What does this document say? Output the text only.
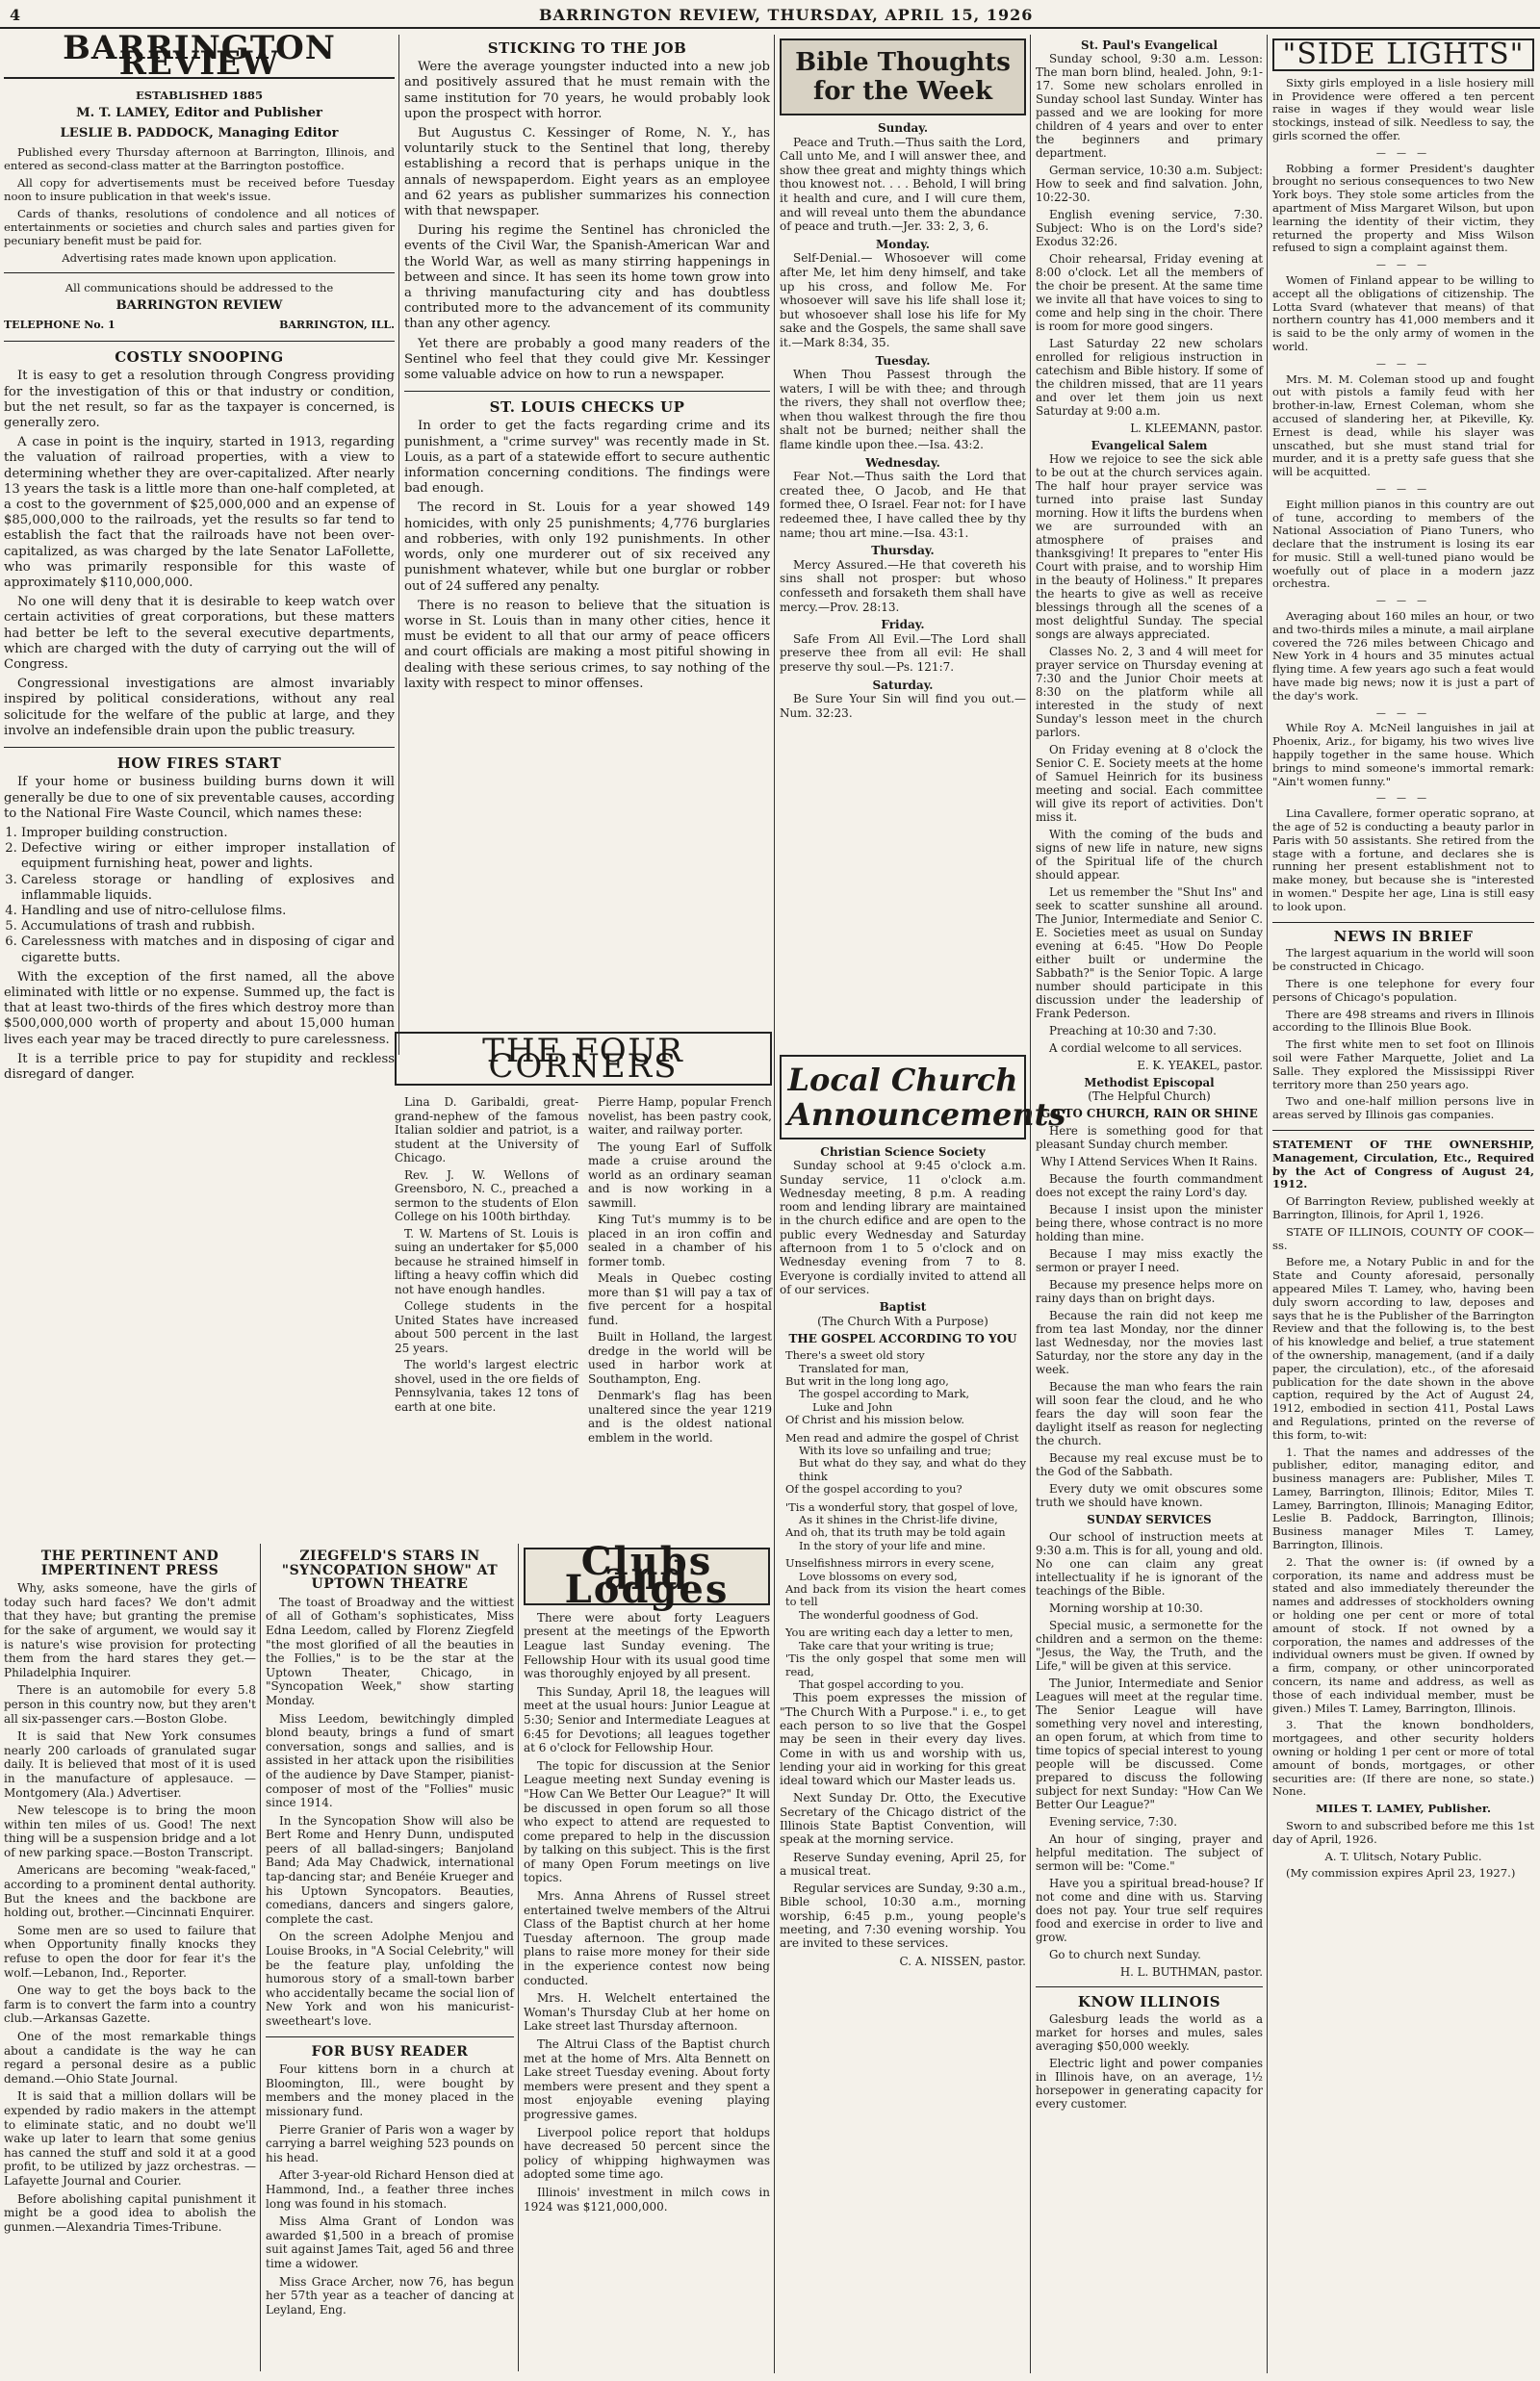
4	BARRINGTON REVIEW, THURSDAY, APRIL 15, 1926
BARRINGTON REVIEW

ESTABLISHED 1885

M. T. LAMEY, Editor and Publisher

LESLIE B. PADDOCK, Managing Editor

Published every Thursday afternoon at Barrington, Illinois, and entered as second-class matter at the Barrington postoffice.

All copy for advertisements must be received before Tuesday noon to insure publication in that week's issue.

Cards of thanks, resolutions of condolence and all notices of entertainments or societies and church sales and parties given for pecuniary benefit must be paid for.

Advertising rates made known upon application.

All communications should be addressed to the

BARRINGTON REVIEW

TELEPHONE No. 1	BARRINGTON, ILL.
COSTLY SNOOPING

It is easy to get a resolution through Congress providing for the investigation of this or that industry or condition, but the net result, so far as the taxpayer is concerned, is generally zero.

A case in point is the inquiry, started in 1913, regarding the valuation of railroad properties, with a view to determining whether they are over-capitalized. After nearly 13 years the task is a little more than one-half completed, at a cost to the government of $25,000,000 and an expense of $85,000,000 to the railroads, yet the results so far tend to establish the fact that the railroads have not been over-capitalized, as was charged by the late Senator LaFollette, who was primarily responsible for this waste of approximately $110,000,000.

No one will deny that it is desirable to keep watch over certain activities of great corporations, but these matters had better be left to the several executive departments, which are charged with the duty of carrying out the will of Congress.

Congressional investigations are almost invariably inspired by political considerations, without any real solicitude for the welfare of the public at large, and they involve an indefensible drain upon the public treasury.

HOW FIRES START

If your home or business building burns down it will generally be due to one of six preventable causes, according to the National Fire Waste Council, which names these:

1. Improper building construction.
2. Defective wiring or either improper installation of equipment furnishing heat, power and lights.
3. Careless storage or handling of explosives and inflammable liquids.
4. Handling and use of nitro-cellulose films.
5. Accumulations of trash and rubbish.
6. Carelessness with matches and in disposing of cigar and cigarette butts.

With the exception of the first named, all the above eliminated with little or no expense. Summed up, the fact is that at least two-thirds of the fires which destroy more than $500,000,000 worth of property and about 15,000 human lives each year may be traced directly to pure carelessness.

It is a terrible price to pay for stupidity and reckless disregard of danger.

STICKING TO THE JOB

Were the average youngster inducted into a new job and positively assured that he must remain with the same institution for 70 years, he would probably look upon the prospect with horror.

But Augustus C. Kessinger of Rome, N. Y., has voluntarily stuck to the Sentinel that long, thereby establishing a record that is perhaps unique in the annals of newspaperdom. Eight years as an employee and 62 years as publisher summarizes his connection with that newspaper.

During his regime the Sentinel has chronicled the events of the Civil War, the Spanish-American War and the World War, as well as many stirring happenings in between and since. It has seen its home town grow into a thriving manufacturing city and has doubtless contributed more to the advancement of its community than any other agency.

Yet there are probably a good many readers of the Sentinel who feel that they could give Mr. Kessinger some valuable advice on how to run a newspaper.

ST. LOUIS CHECKS UP

In order to get the facts regarding crime and its punishment, a "crime survey" was recently made in St. Louis, as a part of a statewide effort to secure authentic information concerning conditions. The findings were bad enough.

The record in St. Louis for a year showed 149 homicides, with only 25 punishments; 4,776 burglaries and robberies, with only 192 punishments. In other words, only one murderer out of six received any punishment whatever, while but one burglar or robber out of 24 suffered any penalty.

There is no reason to believe that the situation is worse in St. Louis than in many other cities, hence it must be evident to all that our army of peace officers and court officials are making a most pitiful showing in dealing with these serious crimes, to say nothing of the laxity with respect to minor offenses.

THE FOUR CORNERS

Lina D. Garibaldi, great-grand-nephew of the famous Italian soldier and patriot, is a student at the University of Chicago.

Rev. J. W. Wellons of Greensboro, N. C., preached a sermon to the students of Elon College on his 100th birthday.

T. W. Martens of St. Louis is suing an undertaker for $5,000 because he strained himself in lifting a heavy coffin which did not have enough handles.

College students in the United States have increased about 500 percent in the last 25 years.

The world's largest electric shovel, used in the ore fields of Pennsylvania, takes 12 tons of earth at one bite.

Pierre Hamp, popular French novelist, has been pastry cook, waiter, and railway porter.

The young Earl of Suffolk made a cruise around the world as an ordinary seaman and is now working in a sawmill.

King Tut's mummy is to be placed in an iron coffin and sealed in a chamber of his former tomb.

Meals in Quebec costing more than $1 will pay a tax of five percent for a hospital fund.

Built in Holland, the largest dredge in the world will be used in harbor work at Southampton, Eng.

Denmark's flag has been unaltered since the year 1219 and is the oldest national emblem in the world.

THE PERTINENT AND IMPERTINENT PRESS

Why, asks someone, have the girls of today such hard faces? We don't admit that they have; but granting the premise for the sake of argument, we would say it is nature's wise provision for protecting them from the hard stares they get.—Philadelphia Inquirer.

There is an automobile for every 5.8 person in this country now, but they aren't all six-passenger cars.—Boston Globe.

It is said that New York consumes nearly 200 carloads of granulated sugar daily. It is believed that most of it is used in the manufacture of applesauce. — Montgomery (Ala.) Advertiser.

New telescope is to bring the moon within ten miles of us. Good! The next thing will be a suspension bridge and a lot of new parking space.—Boston Transcript.

Americans are becoming "weak-faced," according to a prominent dental authority. But the knees and the backbone are holding out, brother.—Cincinnati Enquirer.

Some men are so used to failure that when Opportunity finally knocks they refuse to open the door for fear it's the wolf.—Lebanon, Ind., Reporter.

One way to get the boys back to the farm is to convert the farm into a country club.—Arkansas Gazette.

One of the most remarkable things about a candidate is the way he can regard a personal desire as a public demand.—Ohio State Journal.

It is said that a million dollars will be expended by radio makers in the attempt to eliminate static, and no doubt we'll wake up later to learn that some genius has canned the stuff and sold it at a good profit, to be utilized by jazz orchestras. —Lafayette Journal and Courier.

Before abolishing capital punishment it might be a good idea to abolish the gunmen.—Alexandria Times-Tribune.

ZIEGFELD'S STARS IN "SYNCOPATION SHOW" AT UPTOWN THEATRE

The toast of Broadway and the wittiest of all of Gotham's sophisticates, Miss Edna Leedom, called by Florenz Ziegfeld "the most glorified of all the beauties in the Follies," is to be the star at the Uptown Theater, Chicago, in "Syncopation Week," show starting Monday.

Miss Leedom, bewitchingly dimpled blond beauty, brings a fund of smart conversation, songs and sallies, and is assisted in her attack upon the risibilities of the audience by Dave Stamper, pianist-composer of most of the "Follies" music since 1914.

In the Syncopation Show will also be Bert Rome and Henry Dunn, undisputed peers of all ballad-singers; Banjoland Band; Ada May Chadwick, international tap-dancing star; and Benéie Krueger and his Uptown Syncopators. Beauties, comedians, dancers and singers galore, complete the cast.

On the screen Adolphe Menjou and Louise Brooks, in "A Social Celebrity," will be the feature play, unfolding the humorous story of a small-town barber who accidentally became the social lion of New York and won his manicurist-sweetheart's love.

FOR BUSY READER

Four kittens born in a church at Bloomington, Ill., were bought by members and the money placed in the missionary fund.

Pierre Granier of Paris won a wager by carrying a barrel weighing 523 pounds on his head.

After 3-year-old Richard Henson died at Hammond, Ind., a feather three inches long was found in his stomach.

Miss Alma Grant of London was awarded $1,500 in a breach of promise suit against James Tait, aged 56 and three time a widower.

Miss Grace Archer, now 76, has begun her 57th year as a teacher of dancing at Leyland, Eng.

Clubs and Lodges

There were about forty Leaguers present at the meetings of the Epworth League last Sunday evening. The Fellowship Hour with its usual good time was thoroughly enjoyed by all present.

This Sunday, April 18, the leagues will meet at the usual hours: Junior League at 5:30; Senior and Intermediate Leagues at 6:45 for Devotions; all leagues together at 6 o'clock for Fellowship Hour.

The topic for discussion at the Senior League meeting next Sunday evening is "How Can We Better Our League?" It will be discussed in open forum so all those who expect to attend are requested to come prepared to help in the discussion by talking on this subject. This is the first of many Open Forum meetings on live topics.

Mrs. Anna Ahrens of Russel street entertained twelve members of the Altrui Class of the Baptist church at her home Tuesday afternoon. The group made plans to raise more money for their side in the experience contest now being conducted.

Mrs. H. Welchelt entertained the Woman's Thursday Club at her home on Lake street last Thursday afternoon.

The Altrui Class of the Baptist church met at the home of Mrs. Alta Bennett on Lake street Tuesday evening. About forty members were present and they spent a most enjoyable evening playing progressive games.

Liverpool police report that holdups have decreased 50 percent since the policy of whipping highwaymen was adopted some time ago.

Illinois' investment in milch cows in 1924 was $121,000,000.

Bible Thoughts for the Week
Sunday.

Peace and Truth.—Thus saith the Lord, Call unto Me, and I will answer thee, and show thee great and mighty things which thou knowest not. . . . Behold, I will bring it health and cure, and I will cure them, and will reveal unto them the abundance of peace and truth.—Jer. 33: 2, 3, 6.

Monday.

Self-Denial.— Whosoever will come after Me, let him deny himself, and take up his cross, and follow Me. For whosoever will save his life shall lose it; but whosoever shall lose his life for My sake and the Gospels, the same shall save it.—Mark 8:34, 35.

Tuesday.

When Thou Passest through the waters, I will be with thee; and through the rivers, they shall not overflow thee; when thou walkest through the fire thou shalt not be burned; neither shall the flame kindle upon thee.—Isa. 43:2.

Wednesday.

Fear Not.—Thus saith the Lord that created thee, O Jacob, and He that formed thee, O Israel. Fear not: for I have redeemed thee, I have called thee by thy name; thou art mine.—Isa. 43:1.

Thursday.

Mercy Assured.—He that covereth his sins shall not prosper: but whoso confesseth and forsaketh them shall have mercy.—Prov. 28:13.

Friday.

Safe From All Evil.—The Lord shall preserve thee from all evil: He shall preserve thy soul.—Ps. 121:7.

Saturday.

Be Sure Your Sin will find you out.—Num. 32:23.

Local Church Announcements
Christian Science Society

Sunday school at 9:45 o'clock a.m. Sunday service, 11 o'clock a.m. Wednesday meeting, 8 p.m. A reading room and lending library are maintained in the church edifice and are open to the public every Wednesday and Saturday afternoon from 1 to 5 o'clock and on Wednesday evening from 7 to 8. Everyone is cordially invited to attend all of our services.

Baptist

(The Church With a Purpose)

THE GOSPEL ACCORDING TO YOU

There's a sweet old story
Translated for man,
But writ in the long long ago,
The gospel according to Mark,
Luke and John
Of Christ and his mission below.
Men read and admire the gospel of Christ
With its love so unfailing and true;
But what do they say, and what do they think
Of the gospel according to you?
'Tis a wonderful story, that gospel of love,
As it shines in the Christ-life divine,
And oh, that its truth may be told again
In the story of your life and mine.
Unselfishness mirrors in every scene,
Love blossoms on every sod,
And back from its vision the heart comes to tell
The wonderful goodness of God.
You are writing each day a letter to men,
Take care that your writing is true;
'Tis the only gospel that some men will read,
That gospel according to you.

This poem expresses the mission of "The Church With a Purpose." i. e., to get each person to so live that the Gospel may be seen in their every day lives. Come in with us and worship with us, lending your aid in working for this great ideal toward which our Master leads us.

Next Sunday Dr. Otto, the Executive Secretary of the Chicago district of the Illinois State Baptist Convention, will speak at the morning service.

Reserve Sunday evening, April 25, for a musical treat.

Regular services are Sunday, 9:30 a.m., Bible school, 10:30 a.m., morning worship, 6:45 p.m., young people's meeting, and 7:30 evening worship. You are invited to these services.

C. A. NISSEN, pastor.

St. Paul's Evangelical

Sunday school, 9:30 a.m. Lesson: The man born blind, healed. John, 9:1-17. Some new scholars enrolled in Sunday school last Sunday. Winter has passed and we are looking for more children of 4 years and over to enter the beginners and primary department.

German service, 10:30 a.m. Subject: How to seek and find salvation. John, 10:22-30.

English evening service, 7:30. Subject: Who is on the Lord's side? Exodus 32:26.

Choir rehearsal, Friday evening at 8:00 o'clock. Let all the members of the choir be present. At the same time we invite all that have voices to sing to come and help sing in the choir. There is room for more good singers.

Last Saturday 22 new scholars enrolled for religious instruction in catechism and Bible history. If some of the children missed, that are 11 years and over let them join us next Saturday at 9:00 a.m.

L. KLEEMANN, pastor.

Evangelical Salem

How we rejoice to see the sick able to be out at the church services again. The half hour prayer service was turned into praise last Sunday morning. How it lifts the burdens when we are surrounded with an atmosphere of praises and thanksgiving! It prepares to "enter His Court with praise, and to worship Him in the beauty of Holiness." It prepares the hearts to give as well as receive blessings through all the scenes of a most delightful Sunday. The special songs are always appreciated.

Classes No. 2, 3 and 4 will meet for prayer service on Thursday evening at 7:30 and the Junior Choir meets at 8:30 on the platform while all interested in the study of next Sunday's lesson meet in the church parlors.

On Friday evening at 8 o'clock the Senior C. E. Society meets at the home of Samuel Heinrich for its business meeting and social. Each committee will give its report of activities. Don't miss it.

With the coming of the buds and signs of new life in nature, new signs of the Spiritual life of the church should appear.

Let us remember the "Shut Ins" and seek to scatter sunshine all around. The Junior, Intermediate and Senior C. E. Societies meet as usual on Sunday evening at 6:45. "How Do People either built or undermine the Sabbath?" is the Senior Topic. A large number should participate in this discussion under the leadership of Frank Pederson.

Preaching at 10:30 and 7:30.

A cordial welcome to all services.

E. K. YEAKEL, pastor.

Methodist Episcopal

(The Helpful Church)

GO TO CHURCH, RAIN OR SHINE

Here is something good for that pleasant Sunday church member.

Why I Attend Services When It Rains.

Because the fourth commandment does not except the rainy Lord's day.

Because I insist upon the minister being there, whose contract is no more holding than mine.

Because I may miss exactly the sermon or prayer I need.

Because my presence helps more on rainy days than on bright days.

Because the rain did not keep me from tea last Monday, nor the dinner last Wednesday, nor the movies last Saturday, nor the store any day in the week.

Because the man who fears the rain will soon fear the cloud, and he who fears the day will soon fear the daylight itself as reason for neglecting the church.

Because my real excuse must be to the God of the Sabbath.

Every duty we omit obscures some truth we should have known.

SUNDAY SERVICES

Our school of instruction meets at 9:30 a.m. This is for all, young and old. No one can claim any great intellectuality if he is ignorant of the teachings of the Bible.

Morning worship at 10:30.

Special music, a sermonette for the children and a sermon on the theme: "Jesus, the Way, the Truth, and the Life," will be given at this service.

The Junior, Intermediate and Senior Leagues will meet at the regular time. The Senior League will have something very novel and interesting, an open forum, at which from time to time topics of special interest to young people will be discussed. Come prepared to discuss the following subject for next Sunday: "How Can We Better Our League?"

Evening service, 7:30.

An hour of singing, prayer and helpful meditation. The subject of sermon will be: "Come."

Have you a spiritual bread-house? If not come and dine with us. Starving does not pay. Your true self requires food and exercise in order to live and grow.

Go to church next Sunday.

H. L. BUTHMAN, pastor.

KNOW ILLINOIS

Galesburg leads the world as a market for horses and mules, sales averaging $50,000 weekly.

Electric light and power companies in Illinois have, on an average, 1½ horsepower in generating capacity for every customer.

"SIDE LIGHTS"

Sixty girls employed in a lisle hosiery mill in Providence were offered a ten percent raise in wages if they would wear lisle stockings, instead of silk. Needless to say, the girls scorned the offer.

— — —

Robbing a former President's daughter brought no serious consequences to two New York boys. They stole some articles from the apartment of Miss Margaret Wilson, but upon learning the identity of their victim, they returned the property and Miss Wilson refused to sign a complaint against them.

— — —

Women of Finland appear to be willing to accept all the obligations of citizenship. The Lotta Svard (whatever that means) of that northern country has 41,000 members and it is said to be the only army of women in the world.

— — —

Mrs. M. M. Coleman stood up and fought out with pistols a family feud with her brother-in-law, Ernest Coleman, whom she accused of slandering her, at Pikeville, Ky. Ernest is dead, while his slayer was unscathed, but she must stand trial for murder, and it is a pretty safe guess that she will be acquitted.

— — —

Eight million pianos in this country are out of tune, according to members of the National Association of Piano Tuners, who declare that the instrument is losing its ear for music. Still a well-tuned piano would be woefully out of place in a modern jazz orchestra.

— — —

Averaging about 160 miles an hour, or two and two-thirds miles a minute, a mail airplane covered the 726 miles between Chicago and New York in 4 hours and 35 minutes actual flying time. A few years ago such a feat would have made big news; now it is just a part of the day's work.

— — —

While Roy A. McNeil languishes in jail at Phoenix, Ariz., for bigamy, his two wives live happily together in the same house. Which brings to mind someone's immortal remark: "Ain't women funny."

— — —

Lina Cavallere, former operatic soprano, at the age of 52 is conducting a beauty parlor in Paris with 50 assistants. She retired from the stage with a fortune, and declares she is running her present establishment not to make money, but because she is "interested in women." Despite her age, Lina is still easy to look upon.

NEWS IN BRIEF

The largest aquarium in the world will soon be constructed in Chicago.

There is one telephone for every four persons of Chicago's population.

There are 498 streams and rivers in Illinois according to the Illinois Blue Book.

The first white men to set foot on Illinois soil were Father Marquette, Joliet and La Salle. They explored the Mississippi River territory more than 250 years ago.

Two and one-half million persons live in areas served by Illinois gas companies.

STATEMENT OF THE OWNERSHIP, Management, Circulation, Etc., Required by the Act of Congress of August 24, 1912.

Of Barrington Review, published weekly at Barrington, Illinois, for April 1, 1926.

STATE OF ILLINOIS, COUNTY OF COOK—ss.

Before me, a Notary Public in and for the State and County aforesaid, personally appeared Miles T. Lamey, who, having been duly sworn according to law, deposes and says that he is the Publisher of the Barrington Review and that the following is, to the best of his knowledge and belief, a true statement of the ownership, management, (and if a daily paper, the circulation), etc., of the aforesaid publication for the date shown in the above caption, required by the Act of August 24, 1912, embodied in section 411, Postal Laws and Regulations, printed on the reverse of this form, to-wit:

1. That the names and addresses of the publisher, editor, managing editor, and business managers are: Publisher, Miles T. Lamey, Barrington, Illinois; Editor, Miles T. Lamey, Barrington, Illinois; Managing Editor, Leslie B. Paddock, Barrington, Illinois; Business manager Miles T. Lamey, Barrington, Illinois.

2. That the owner is: (if owned by a corporation, its name and address must be stated and also immediately thereunder the names and addresses of stockholders owning or holding one per cent or more of total amount of stock. If not owned by a corporation, the names and addresses of the individual owners must be given. If owned by a firm, company, or other unincorporated concern, its name and address, as well as those of each individual member, must be given.) Miles T. Lamey, Barrington, Illinois.

3. That the known bondholders, mortgagees, and other security holders owning or holding 1 per cent or more of total amount of bonds, mortgages, or other securities are: (If there are none, so state.) None.

MILES T. LAMEY, Publisher.

Sworn to and subscribed before me this 1st day of April, 1926.

A. T. Ulitsch, Notary Public.

(My commission expires April 23, 1927.)
